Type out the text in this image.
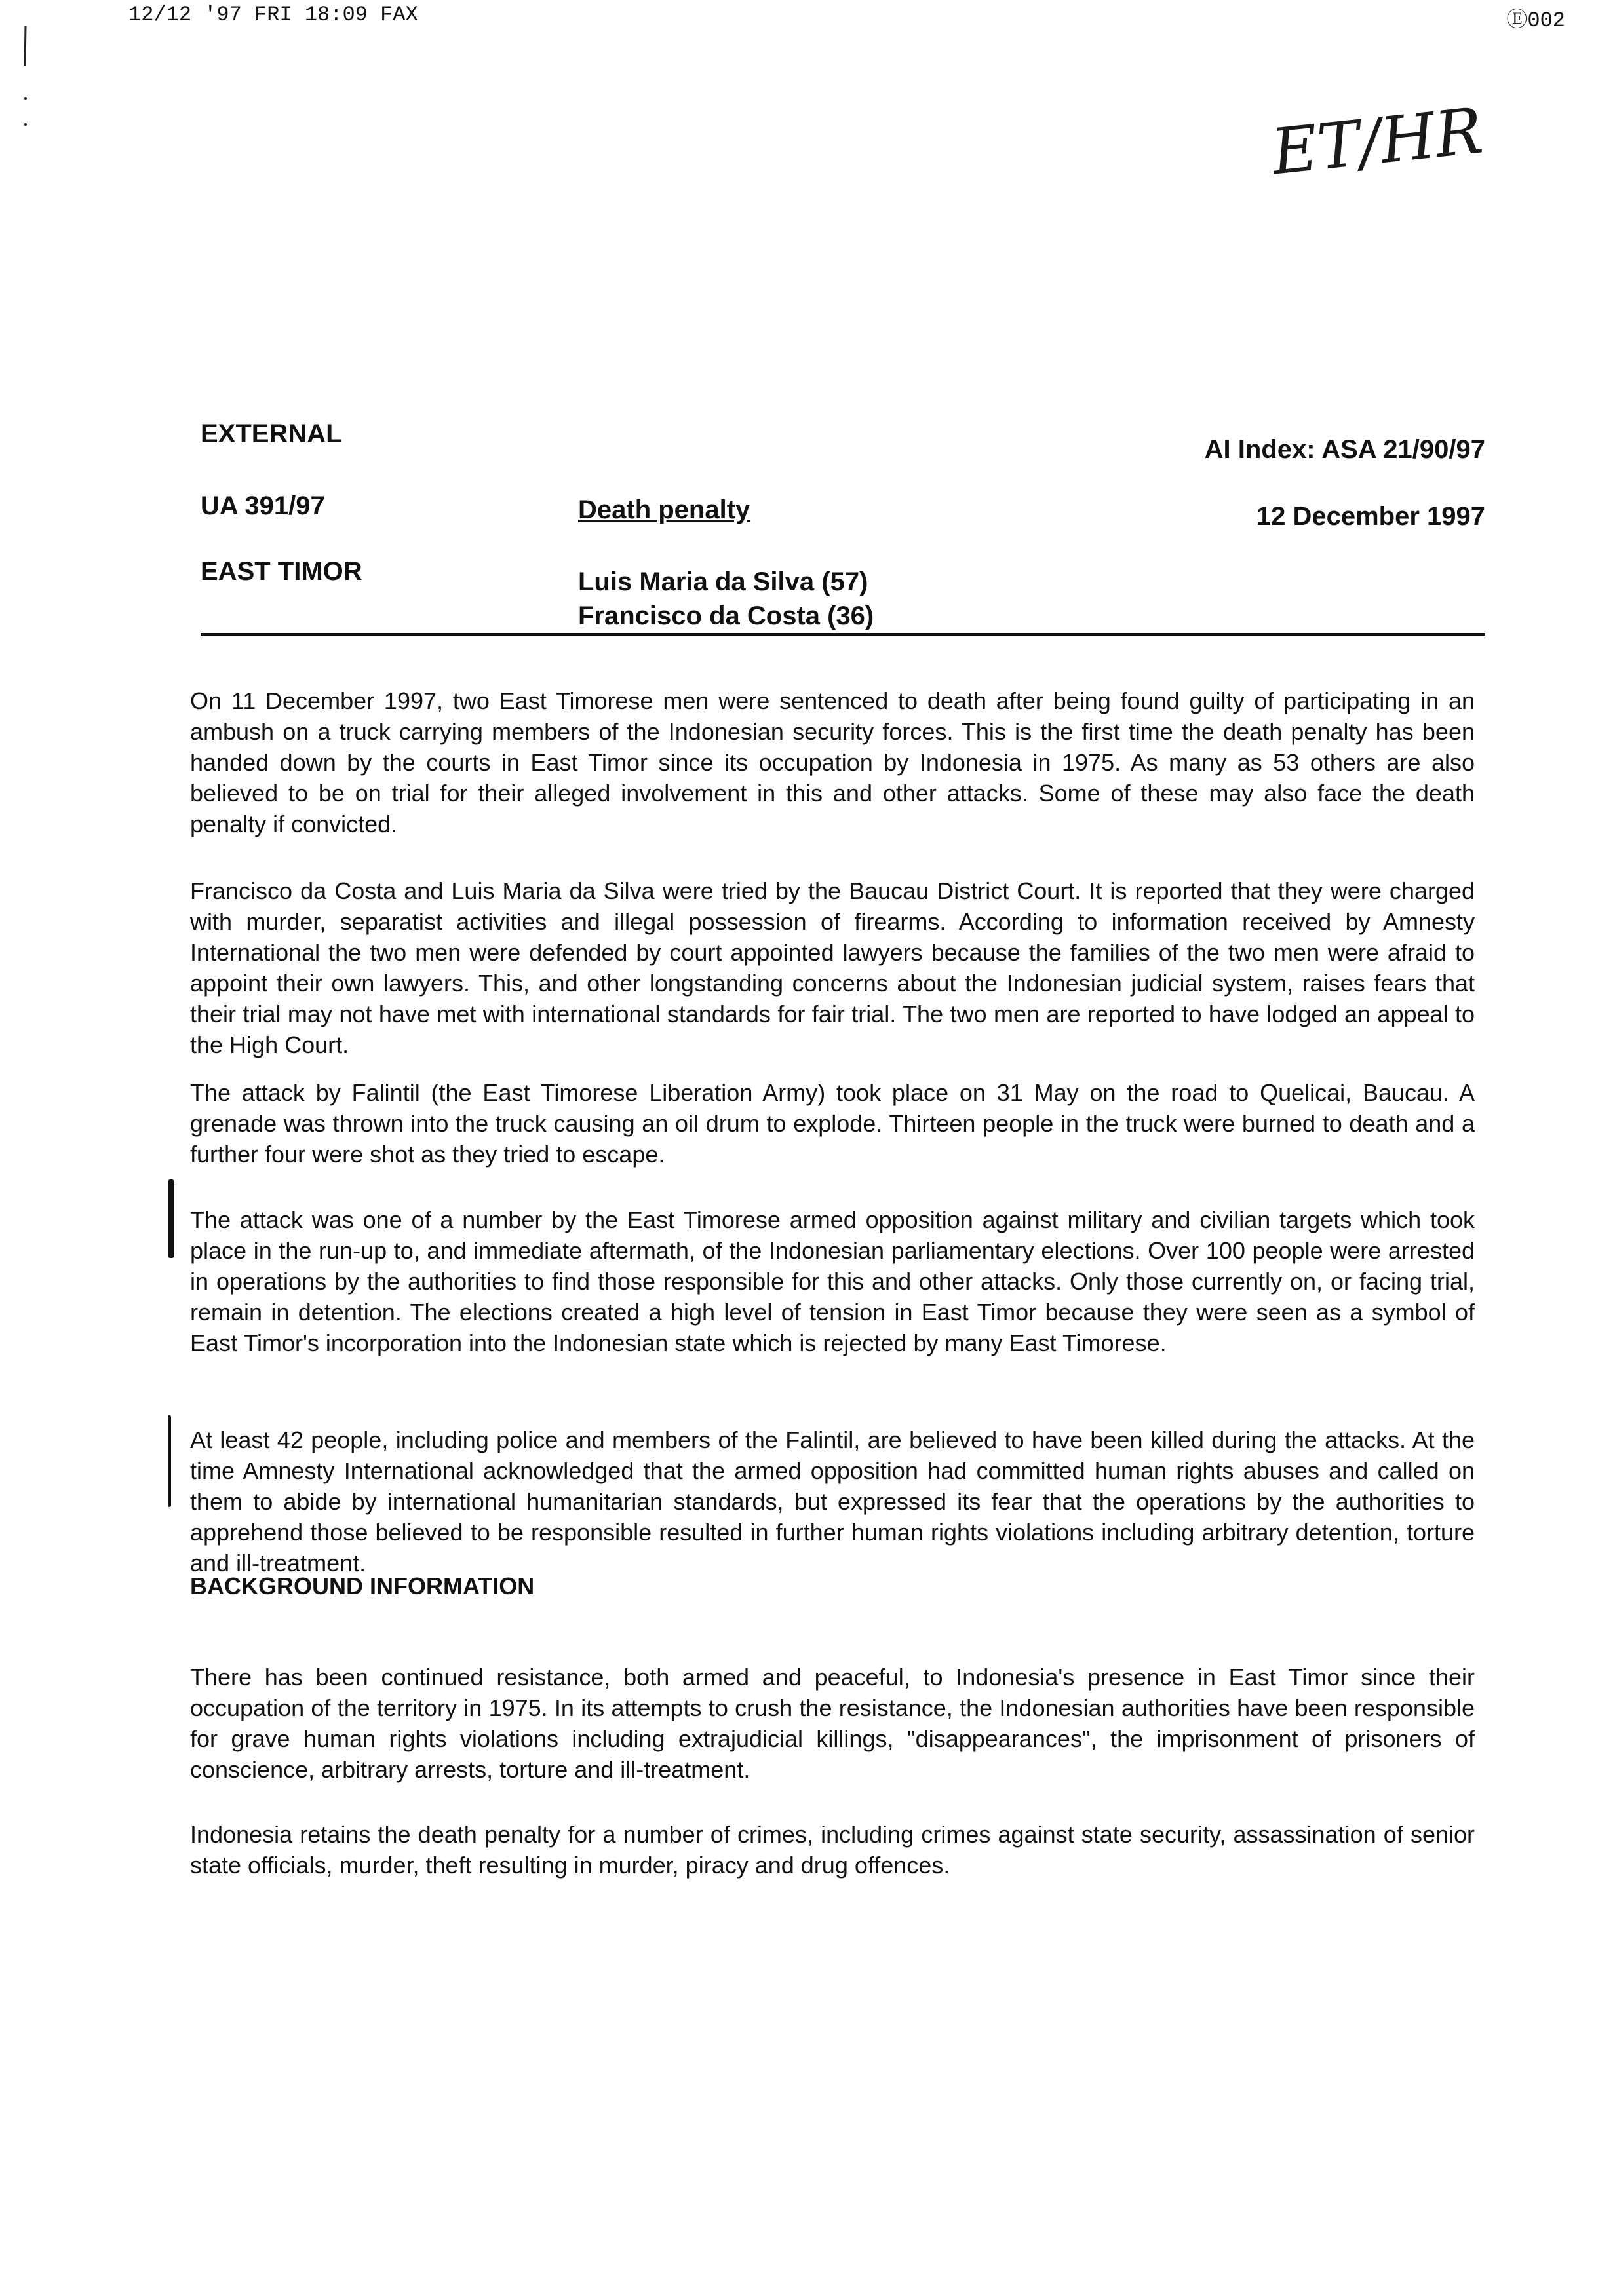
12/12 '97 FRI 18:09 FAX	Ⓔ002
ET/HR
EXTERNAL
UA 391/97
EAST TIMOR
Death penalty
Luis Maria da Silva (57)
Francisco da Costa (36)
AI Index: ASA 21/90/97
12 December 1997

On 11 December 1997, two East Timorese men were sentenced to death after being found guilty of participating in an ambush on a truck carrying members of the Indonesian security forces. This is the first time the death penalty has been handed down by the courts in East Timor since its occupation by Indonesia in 1975. As many as 53 others are also believed to be on trial for their alleged involvement in this and other attacks. Some of these may also face the death penalty if convicted.

Francisco da Costa and Luis Maria da Silva were tried by the Baucau District Court. It is reported that they were charged with murder, separatist activities and illegal possession of firearms. According to information received by Amnesty International the two men were defended by court appointed lawyers because the families of the two men were afraid to appoint their own lawyers. This, and other longstanding concerns about the Indonesian judicial system, raises fears that their trial may not have met with international standards for fair trial. The two men are reported to have lodged an appeal to the High Court.

The attack by Falintil (the East Timorese Liberation Army) took place on 31 May on the road to Quelicai, Baucau. A grenade was thrown into the truck causing an oil drum to explode. Thirteen people in the truck were burned to death and a further four were shot as they tried to escape.

The attack was one of a number by the East Timorese armed opposition against military and civilian targets which took place in the run-up to, and immediate aftermath, of the Indonesian parliamentary elections. Over 100 people were arrested in operations by the authorities to find those responsible for this and other attacks. Only those currently on, or facing trial, remain in detention. The elections created a high level of tension in East Timor because they were seen as a symbol of East Timor's incorporation into the Indonesian state which is rejected by many East Timorese.

At least 42 people, including police and members of the Falintil, are believed to have been killed during the attacks. At the time Amnesty International acknowledged that the armed opposition had committed human rights abuses and called on them to abide by international humanitarian standards, but expressed its fear that the operations by the authorities to apprehend those believed to be responsible resulted in further human rights violations including arbitrary detention, torture and ill-treatment.

BACKGROUND INFORMATION

There has been continued resistance, both armed and peaceful, to Indonesia's presence in East Timor since their occupation of the territory in 1975. In its attempts to crush the resistance, the Indonesian authorities have been responsible for grave human rights violations including extrajudicial killings, "disappearances", the imprisonment of prisoners of conscience, arbitrary arrests, torture and ill-treatment.

Indonesia retains the death penalty for a number of crimes, including crimes against state security, assassination of senior state officials, murder, theft resulting in murder, piracy and drug offences.
